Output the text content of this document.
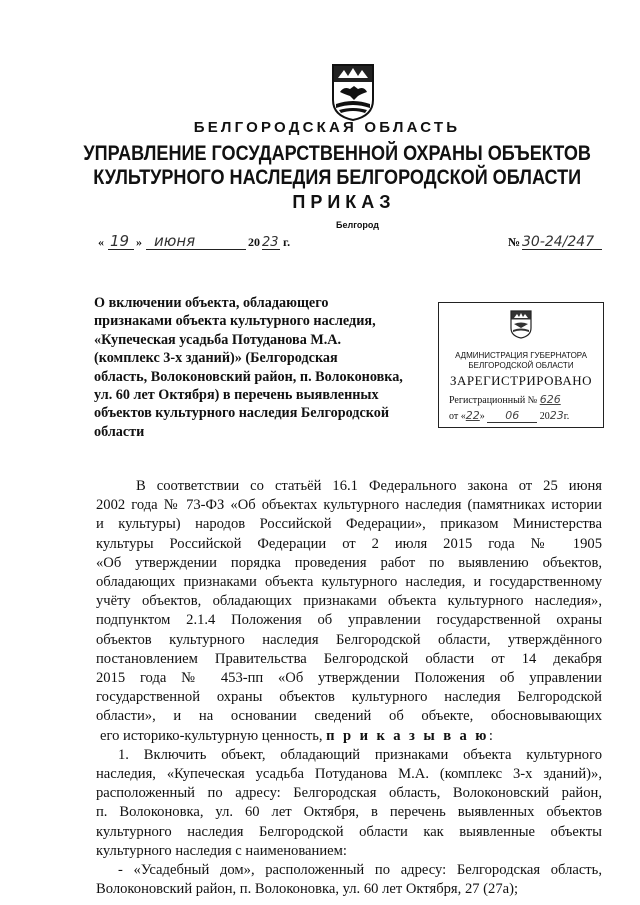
БЕЛГОРОДСКАЯ ОБЛАСТЬ
УПРАВЛЕНИЕ ГОСУДАРСТВЕННОЙ ОХРАНЫ ОБЪЕКТОВ
КУЛЬТУРНОГО НАСЛЕДИЯ БЕЛГОРОДСКОЙ ОБЛАСТИ
ПРИКАЗ
Белгород
« 19 » июня	20 23 г.	№ 30-24/247
О включении объекта, обладающего
признаками объекта культурного наследия,
«Купеческая усадьба Потуданова М.А.
(комплекс 3-х зданий)» (Белгородская
область, Волоконовский район, п. Волоконовка,
ул. 60 лет Октября) в перечень выявленных
объектов культурного наследия Белгородской
области
АДМИНИСТРАЦИЯ ГУБЕРНАТОРА
БЕЛГОРОДСКОЙ ОБЛАСТИ
ЗАРЕГИСТРИРОВАНО
Регистрационный № 626
от «22» 06 2023г.

В соответствии со статьёй 16.1 Федерального закона от 25 июня
2002 года № 73-ФЗ «Об объектах культурного наследия (памятниках истории
и культуры) народов Российской Федерации», приказом Министерства
культуры Российской Федерации от 2 июля 2015 года № 1905
«Об утверждении порядка проведения работ по выявлению объектов,
обладающих признаками объекта культурного наследия, и государственному
учёту объектов, обладающих признаками объекта культурного наследия»,
подпунктом 2.1.4 Положения об управлении государственной охраны
объектов культурного наследия Белгородской области, утверждённого
постановлением Правительства Белгородской области от 14 декабря
2015 года № 453-пп «Об утверждении Положения об управлении
государственной охраны объектов культурного наследия Белгородской
области», и на основании сведений об объекте, обосновывающих
его историко-культурную ценность, п р и к а з ы в а ю:

1. Включить объект, обладающий признаками объекта культурного
наследия, «Купеческая усадьба Потуданова М.А. (комплекс 3-х зданий)»,
расположенный по адресу: Белгородская область, Волоконовский район,
п. Волоконовка, ул. 60 лет Октября, в перечень выявленных объектов
культурного наследия Белгородской области как выявленные объекты
культурного наследия с наименованием:

- «Усадебный дом», расположенный по адресу: Белгородская область,
Волоконовский район, п. Волоконовка, ул. 60 лет Октября, 27 (27а);
